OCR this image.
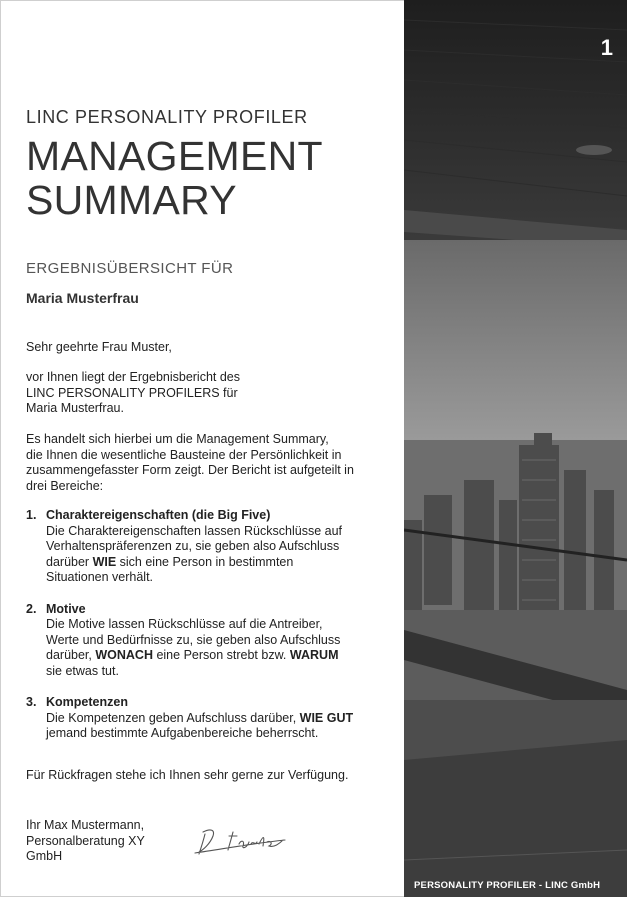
LINC PERSONALITY PROFILER
MANAGEMENT
SUMMARY
ERGEBNISÜBERSICHT FÜR
Maria Musterfrau
Sehr geehrte Frau Muster,
vor Ihnen liegt der Ergebnisbericht des
LINC PERSONALITY PROFILERS für
Maria Musterfrau.
Es handelt sich hierbei um die Management Summary,
die Ihnen die wesentliche Bausteine der Persönlichkeit in
zusammengefasster Form zeigt. Der Bericht ist aufgeteilt in
drei Bereiche:
1. Charaktereigenschaften (die Big Five)
Die Charaktereigenschaften lassen Rückschlüsse auf
Verhaltenspräferenzen zu, sie geben also Aufschluss
darüber WIE sich eine Person in bestimmten
Situationen verhält.
2. Motive
Die Motive lassen Rückschlüsse auf die Antreiber,
Werte und Bedürfnisse zu, sie geben also Aufschluss
darüber, WONACH eine Person strebt bzw. WARUM
sie etwas tut.
3. Kompetenzen
Die Kompetenzen geben Aufschluss darüber, WIE GUT
jemand bestimmte Aufgabenbereiche beherrscht.
Für Rückfragen stehe ich Ihnen sehr gerne zur Verfügung.
Ihr Max Mustermann,
Personalberatung XY
GmbH
1
PERSONALITY PROFILER - LINC GmbH
